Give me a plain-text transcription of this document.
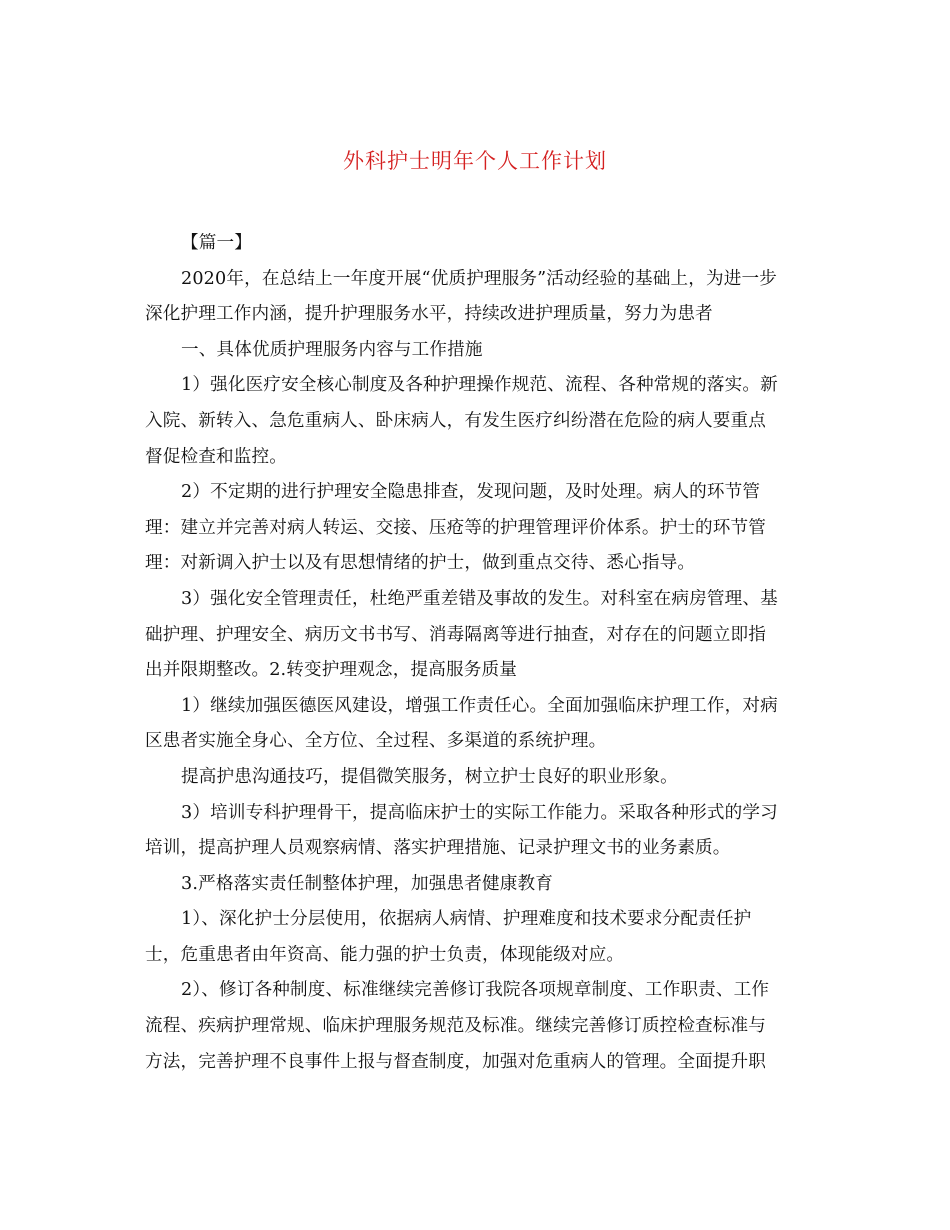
外科护士明年个人工作计划
【篇一】
2020年，在总结上一年度开展“优质护理服务”活动经验的基础上，为进一步
深化护理工作内涵，提升护理服务水平，持续改进护理质量，努力为患者
一、具体优质护理服务内容与工作措施
1）强化医疗安全核心制度及各种护理操作规范、流程、各种常规的落实。新
入院、新转入、急危重病人、卧床病人，有发生医疗纠纷潜在危险的病人要重点
督促检查和监控。
2）不定期的进行护理安全隐患排查，发现问题，及时处理。病人的环节管
理：建立并完善对病人转运、交接、压疮等的护理管理评价体系。护士的环节管
理：对新调入护士以及有思想情绪的护士，做到重点交待、悉心指导。
3）强化安全管理责任，杜绝严重差错及事故的发生。对科室在病房管理、基
础护理、护理安全、病历文书书写、消毒隔离等进行抽查，对存在的问题立即指
出并限期整改。2.转变护理观念，提高服务质量
1）继续加强医德医风建设，增强工作责任心。全面加强临床护理工作，对病
区患者实施全身心、全方位、全过程、多渠道的系统护理。
提高护患沟通技巧，提倡微笑服务，树立护士良好的职业形象。
3）培训专科护理骨干，提高临床护士的实际工作能力。采取各种形式的学习
培训，提高护理人员观察病情、落实护理措施、记录护理文书的业务素质。
3.严格落实责任制整体护理，加强患者健康教育
1）、深化护士分层使用，依据病人病情、护理难度和技术要求分配责任护
士，危重患者由年资高、能力强的护士负责，体现能级对应。
2）、修订各种制度、标准继续完善修订我院各项规章制度、工作职责、工作
流程、疾病护理常规、临床护理服务规范及标准。继续完善修订质控检查标准与
方法，完善护理不良事件上报与督查制度，加强对危重病人的管理。全面提升职
